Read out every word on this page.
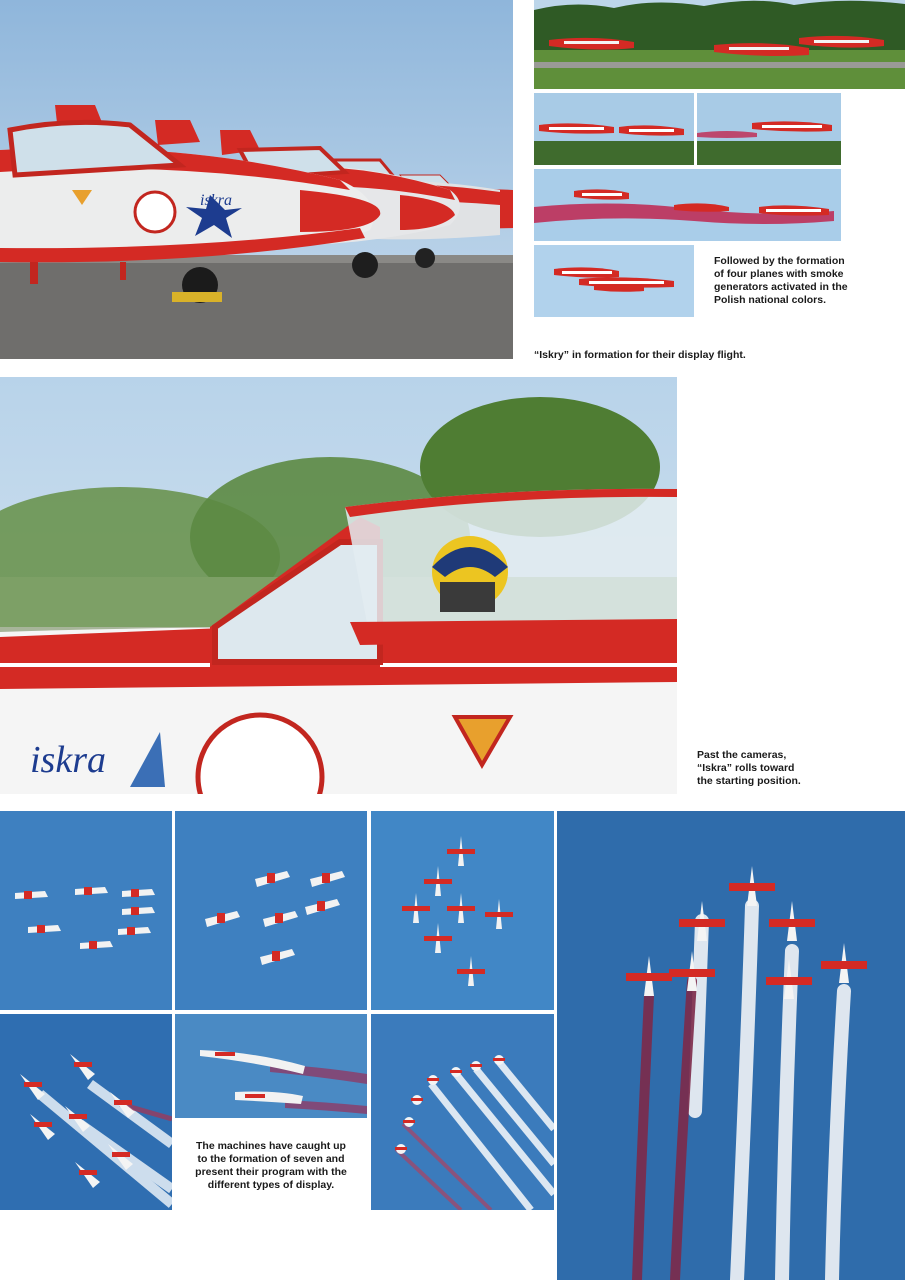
iskra
Followed by the formation
of four planes with smoke
generators activated in the
Polish national colors.
“Iskry” in formation for their display flight.
iskra	Past the cameras,
“Iskra” rolls toward
the starting position.
The machines have caught up
to the formation of seven and
present their program with the
different types of display.
